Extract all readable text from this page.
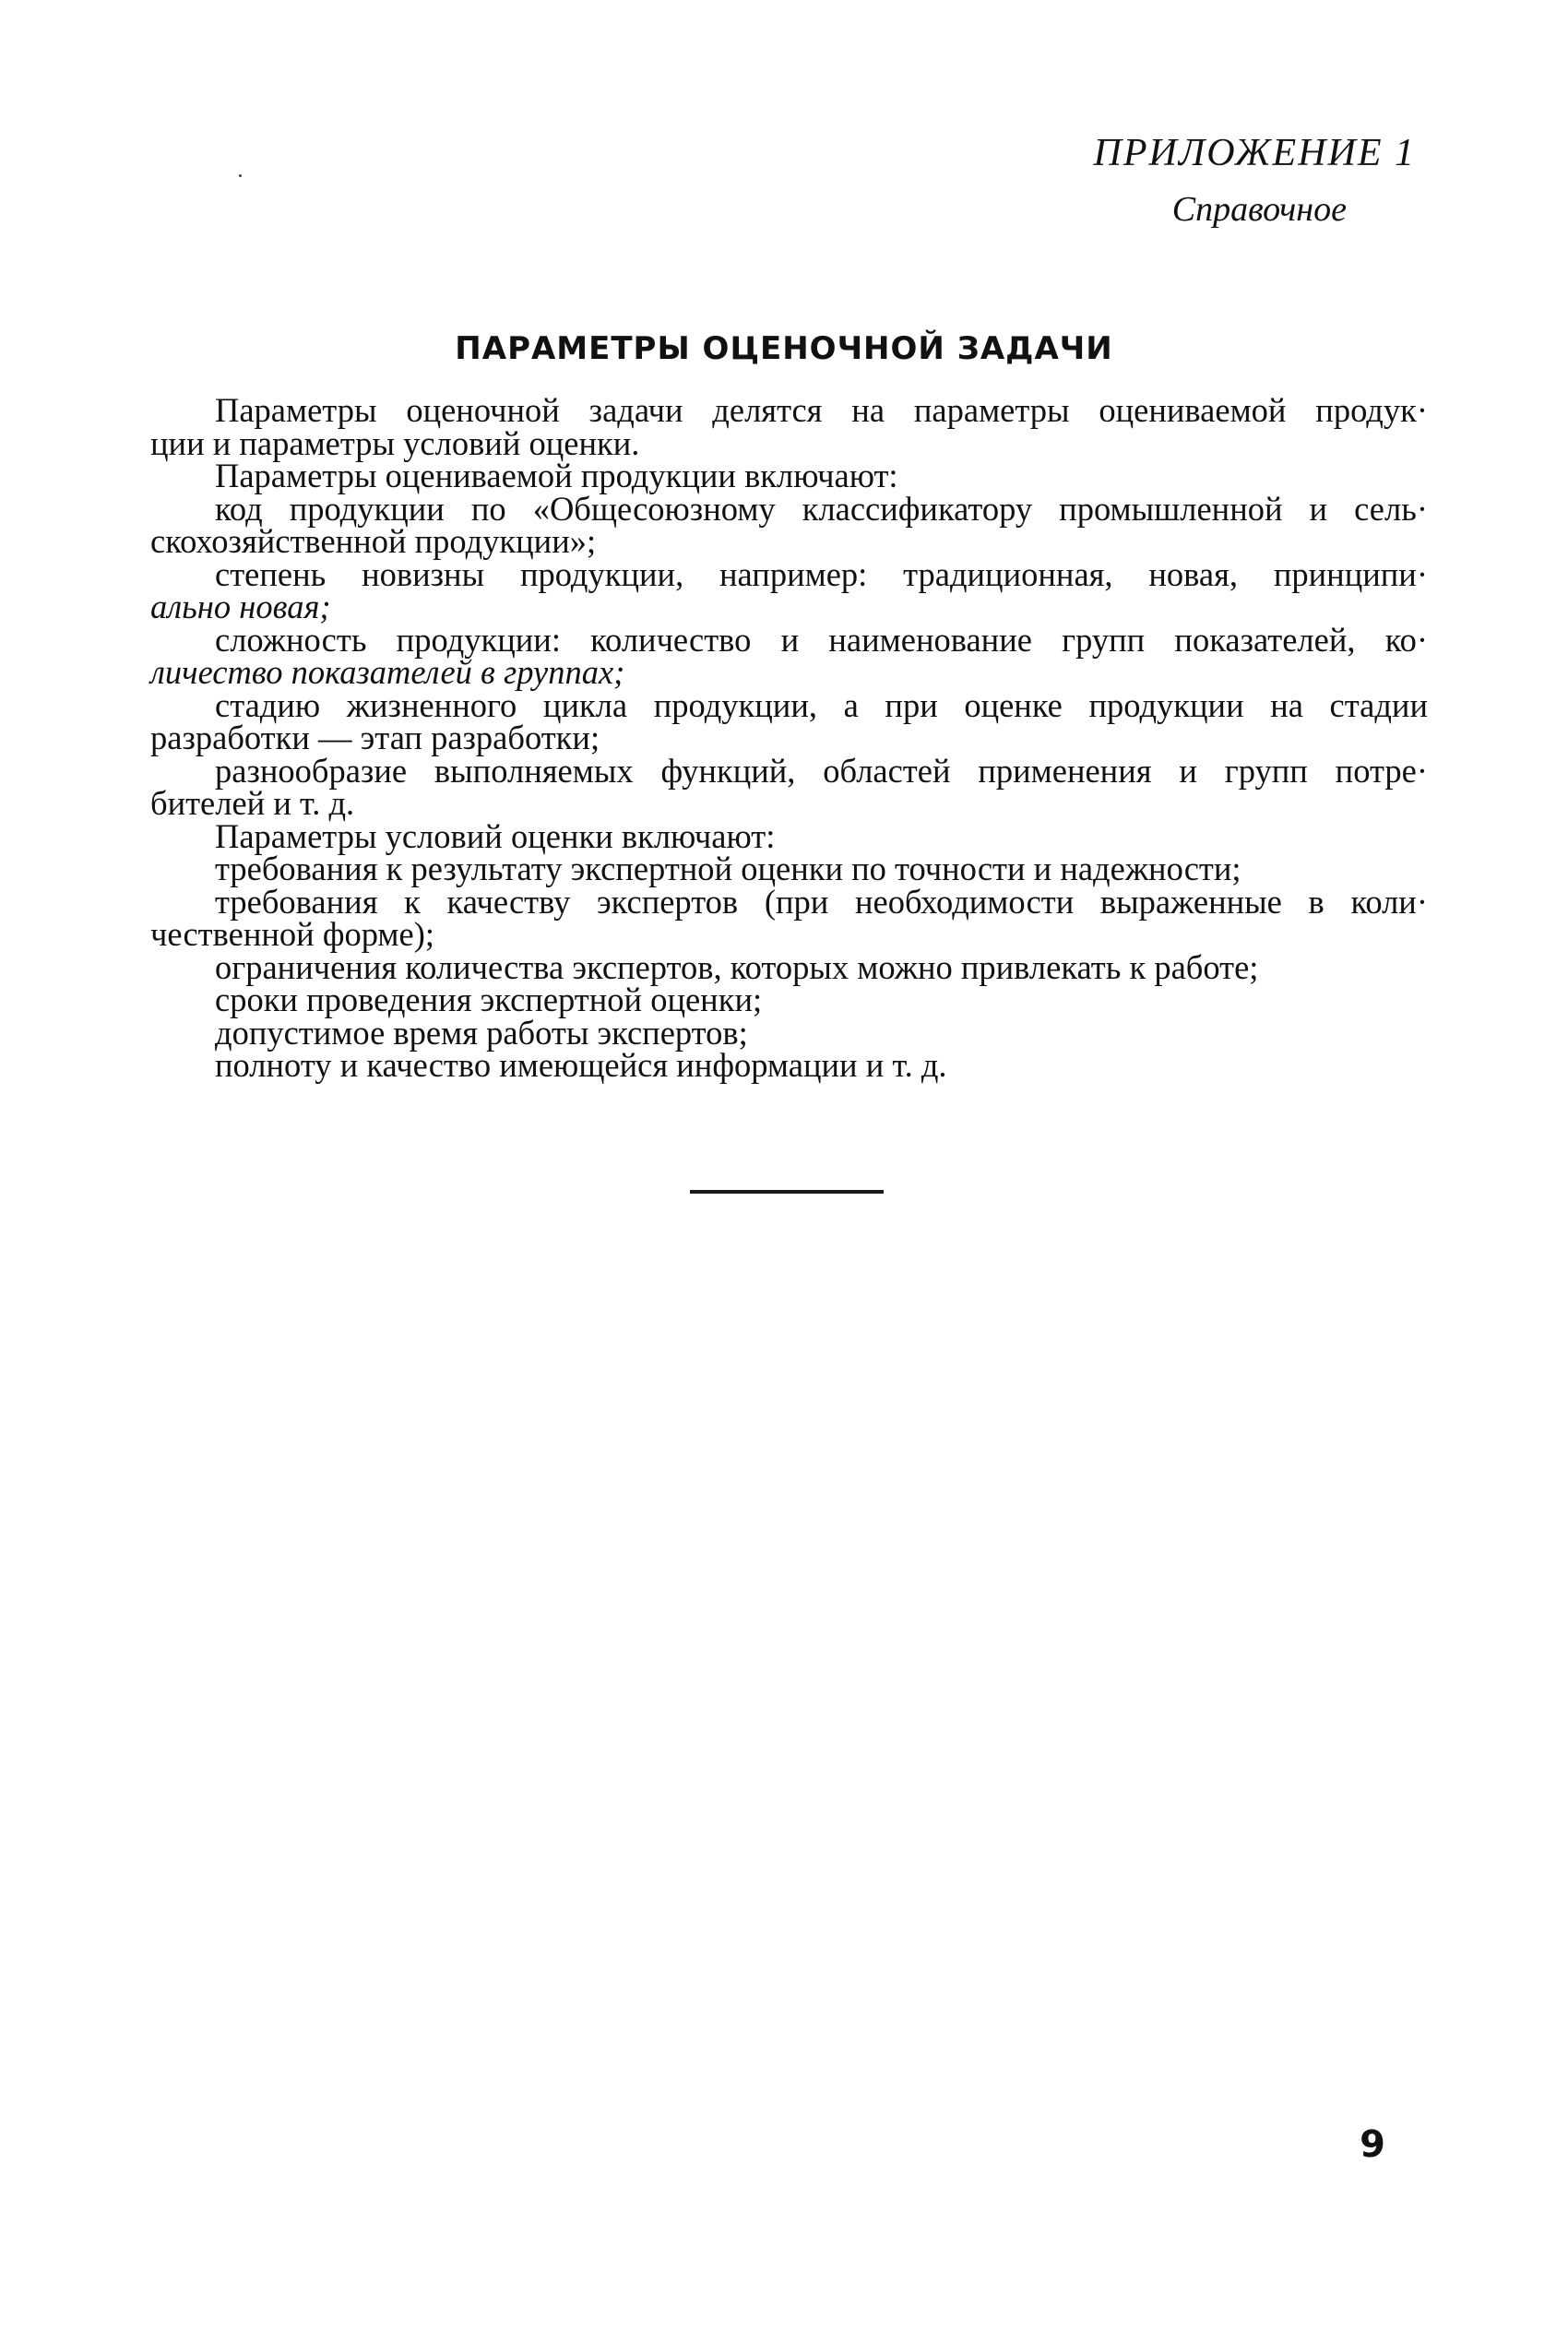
ПРИЛОЖЕНИЕ 1
Справочное
ПАРАМЕТРЫ ОЦЕНОЧНОЙ ЗАДАЧИ
Параметры оценочной задачи делятся на параметры оцениваемой продук·
ции и параметры условий оценки.
Параметры оцениваемой продукции включают:
код продукции по «Общесоюзному классификатору промышленной и сель·
скохозяйственной продукции»;
степень новизны продукции, например: традиционная, новая, принципи·
ально новая;
сложность продукции: количество и наименование групп показателей, ко·
личество показателей в группах;
стадию жизненного цикла продукции, а при оценке продукции на стадии
разработки — этап разработки;
разнообразие выполняемых функций, областей применения и групп потре·
бителей и т. д.
Параметры условий оценки включают:
требования к результату экспертной оценки по точности и надежности;
требования к качеству экспертов (при необходимости выраженные в коли·
чественной форме);
ограничения количества экспертов, которых можно привлекать к работе;
сроки проведения экспертной оценки;
допустимое время работы экспертов;
полноту и качество имеющейся информации и т. д.
9
